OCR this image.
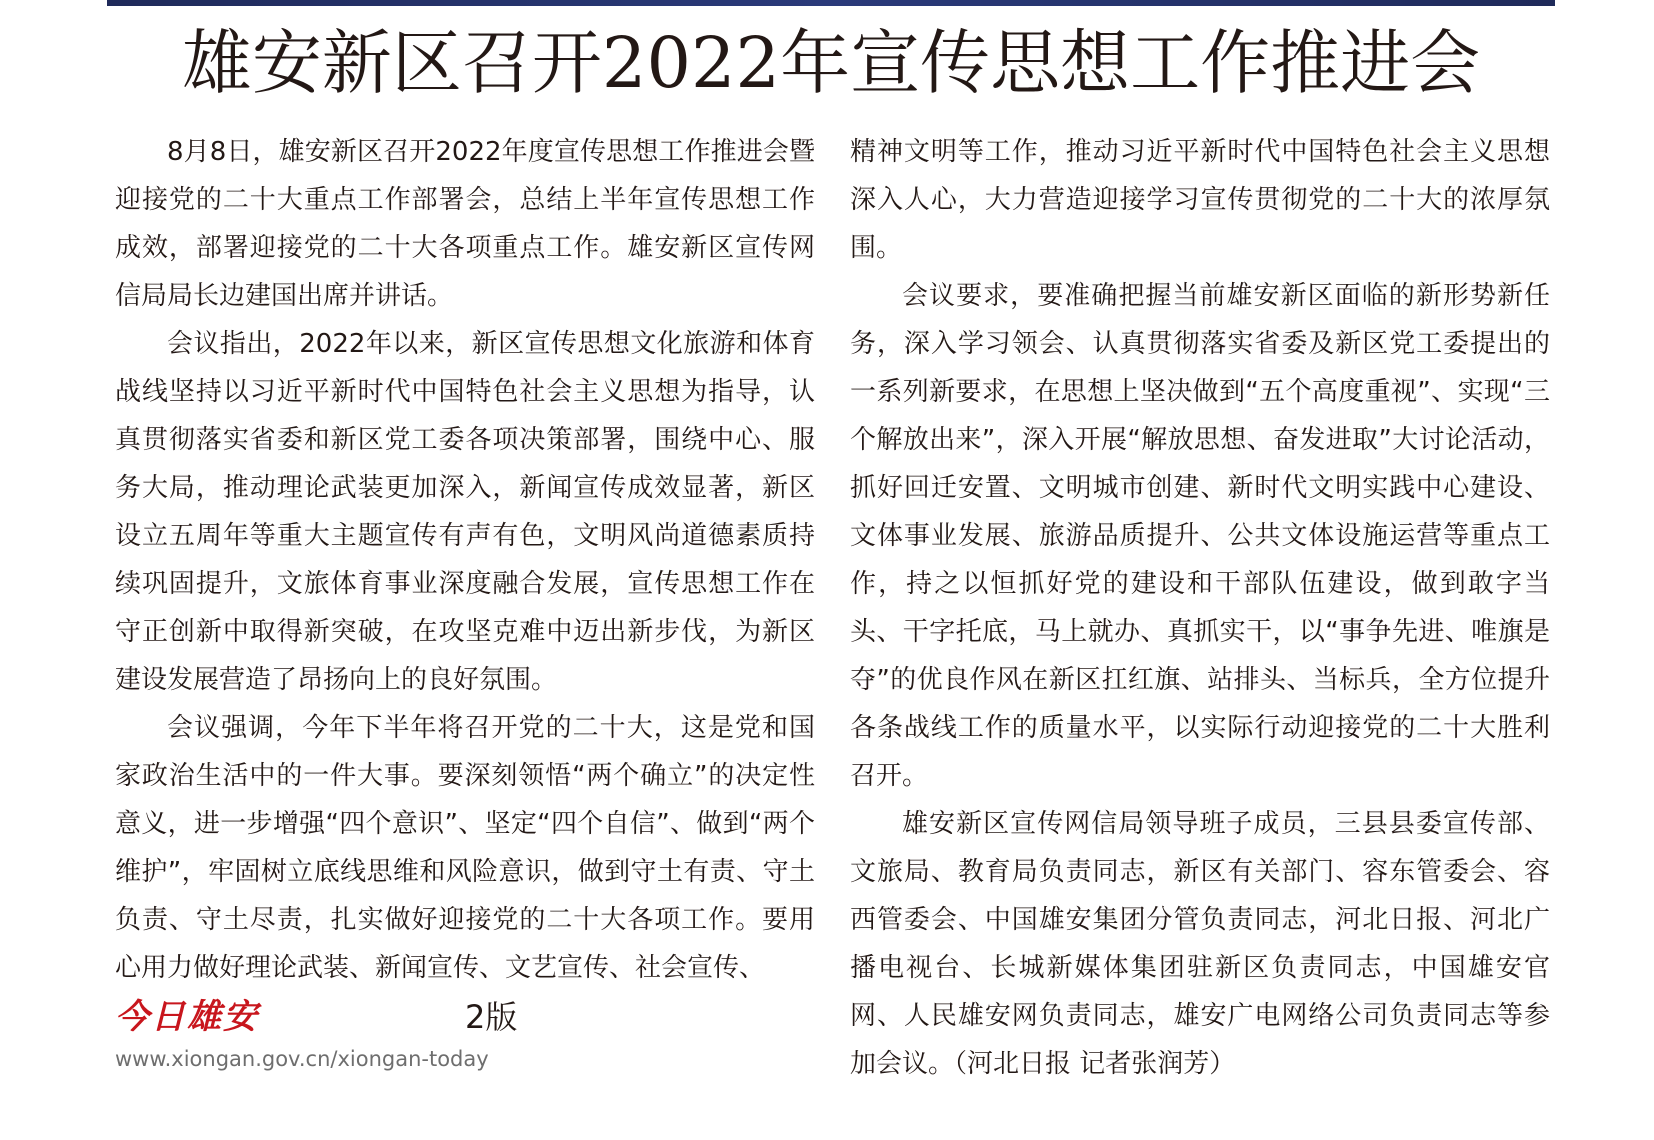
雄安新区召开2022年宣传思想工作推进会

8月8日，雄安新区召开2022年度宣传思想工作推进会暨迎接党的二十大重点工作部署会，总结上半年宣传思想工作成效，部署迎接党的二十大各项重点工作。雄安新区宣传网信局局长边建国出席并讲话。

会议指出，2022年以来，新区宣传思想文化旅游和体育战线坚持以习近平新时代中国特色社会主义思想为指导，认真贯彻落实省委和新区党工委各项决策部署，围绕中心、服务大局，推动理论武装更加深入，新闻宣传成效显著，新区设立五周年等重大主题宣传有声有色，文明风尚道德素质持续巩固提升，文旅体育事业深度融合发展，宣传思想工作在守正创新中取得新突破，在攻坚克难中迈出新步伐，为新区建设发展营造了昂扬向上的良好氛围。

会议强调，今年下半年将召开党的二十大，这是党和国家政治生活中的一件大事。要深刻领悟“两个确立”的决定性意义，进一步增强“四个意识”、坚定“四个自信”、做到“两个维护”，牢固树立底线思维和风险意识，做到守土有责、守土负责、守土尽责，扎实做好迎接党的二十大各项工作。要用心用力做好理论武装、新闻宣传、文艺宣传、社会宣传、

精神文明等工作，推动习近平新时代中国特色社会主义思想深入人心，大力营造迎接学习宣传贯彻党的二十大的浓厚氛围。

会议要求，要准确把握当前雄安新区面临的新形势新任务，深入学习领会、认真贯彻落实省委及新区党工委提出的一系列新要求，在思想上坚决做到“五个高度重视”、实现“三个解放出来”，深入开展“解放思想、奋发进取”大讨论活动，抓好回迁安置、文明城市创建、新时代文明实践中心建设、文体事业发展、旅游品质提升、公共文体设施运营等重点工作，持之以恒抓好党的建设和干部队伍建设，做到敢字当头、干字托底，马上就办、真抓实干，以“事争先进、唯旗是夺”的优良作风在新区扛红旗、站排头、当标兵，全方位提升各条战线工作的质量水平，以实际行动迎接党的二十大胜利召开。

雄安新区宣传网信局领导班子成员，三县县委宣传部、文旅局、教育局负责同志，新区有关部门、容东管委会、容西管委会、中国雄安集团分管负责同志，河北日报、河北广播电视台、长城新媒体集团驻新区负责同志，中国雄安官网、人民雄安网负责同志，雄安广电网络公司负责同志等参加会议。（河北日报 记者张润芳）

今日雄安	2版
www.xiongan.gov.cn/xiongan-today
